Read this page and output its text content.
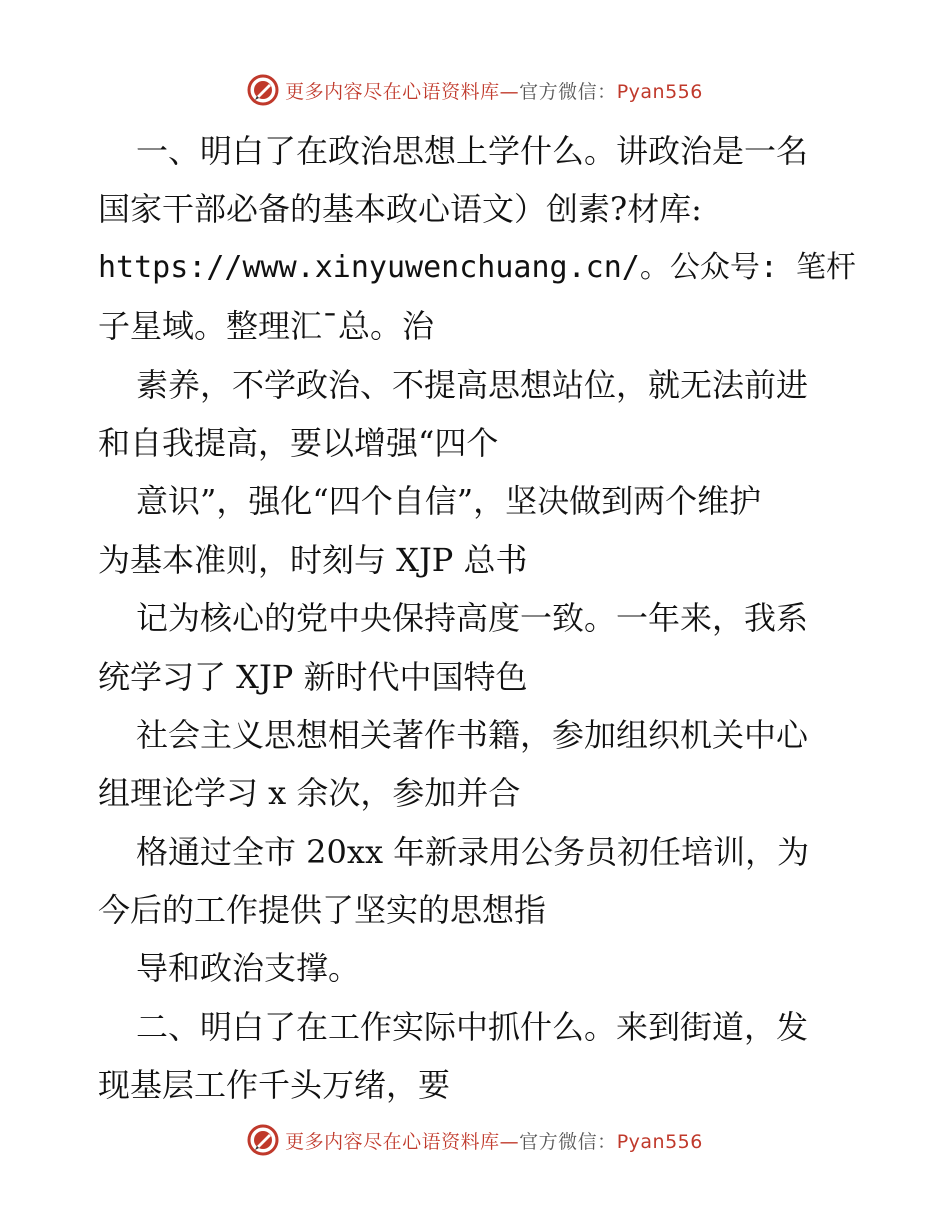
更多内容尽在心语资料库—官方微信：Pyan556
一、明白了在政治思想上学什么。讲政治是一名
国家干部必备的基本政心语文）创素?材库:
https://www.xinyuwenchuang.cn/。公众号: 笔杆
子星域。整理汇¯总。治
素养，不学政治、不提高思想站位，就无法前进
和自我提高，要以增强“四个
意识”，强化“四个自信”，坚决做到两个维护
为基本准则，时刻与 XJP 总书
记为核心的党中央保持高度一致。一年来，我系
统学习了 XJP 新时代中国特色
社会主义思想相关著作书籍，参加组织机关中心
组理论学习 x 余次，参加并合
格通过全市 20xx 年新录用公务员初任培训，为
今后的工作提供了坚实的思想指
导和政治支撑。
二、明白了在工作实际中抓什么。来到街道，发
现基层工作千头万绪，要
更多内容尽在心语资料库—官方微信：Pyan556
